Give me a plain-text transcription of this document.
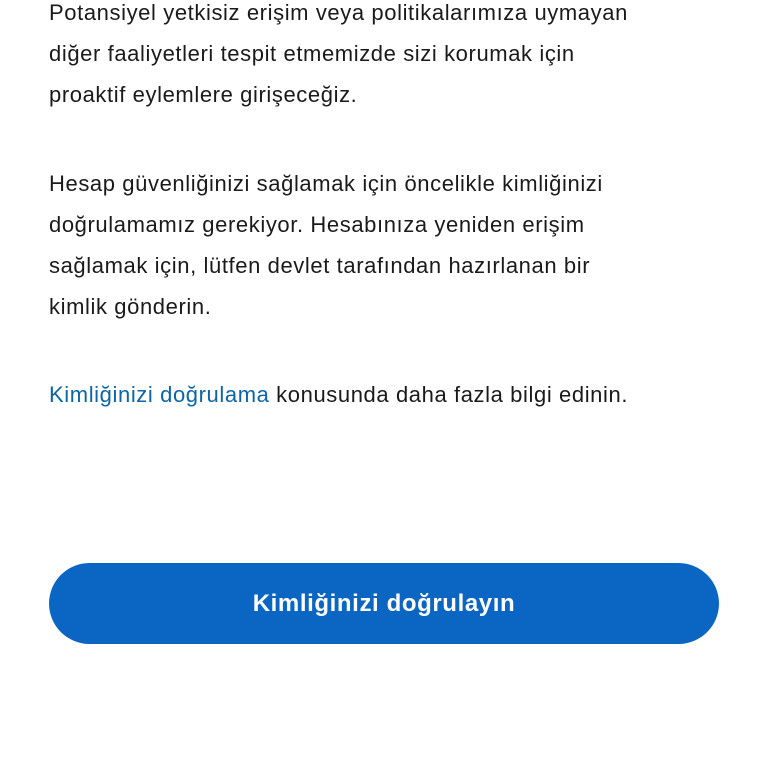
Potansiyel yetkisiz erişim veya politikalarımıza uymayan
diğer faaliyetleri tespit etmemizde sizi korumak için
proaktif eylemlere girişeceğiz.
Hesap güvenliğinizi sağlamak için öncelikle kimliğinizi
doğrulamamız gerekiyor. Hesabınıza yeniden erişim
sağlamak için, lütfen devlet tarafından hazırlanan bir
kimlik gönderin.
Kimliğinizi doğrulama konusunda daha fazla bilgi edinin.
Kimliğinizi doğrulayın
